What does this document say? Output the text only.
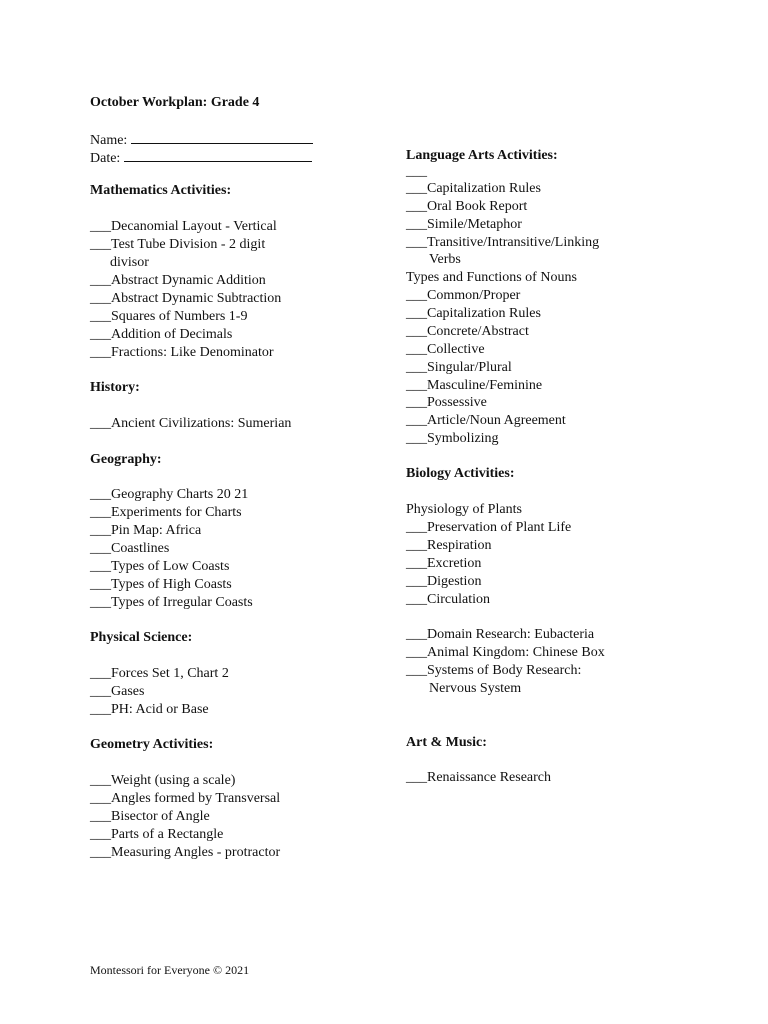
October Workplan: Grade 4
Name:
Date:
Mathematics Activities:
___Decanomial Layout - Vertical
___Test Tube Division - 2 digit
divisor
___Abstract Dynamic Addition
___Abstract Dynamic Subtraction
___Squares of Numbers 1-9
___Addition of Decimals
___Fractions: Like Denominator
History:
___Ancient Civilizations: Sumerian
Geography:
___Geography Charts 20 21
___Experiments for Charts
___Pin Map: Africa
___Coastlines
___Types of Low Coasts
___Types of High Coasts
___Types of Irregular Coasts
Physical Science:
___Forces Set 1, Chart 2
___Gases
___PH: Acid or Base
Geometry Activities:
___Weight (using a scale)
___Angles formed by Transversal
___Bisector of Angle
___Parts of a Rectangle
___Measuring Angles - protractor
Language Arts Activities:
___
___Capitalization Rules
___Oral Book Report
___Simile/Metaphor
___Transitive/Intransitive/Linking
Verbs
Types and Functions of Nouns
___Common/Proper
___Capitalization Rules
___Concrete/Abstract
___Collective
___Singular/Plural
___Masculine/Feminine
___Possessive
___Article/Noun Agreement
___Symbolizing
Biology Activities:
Physiology of Plants
___Preservation of Plant Life
___Respiration
___Excretion
___Digestion
___Circulation
___Domain Research: Eubacteria
___Animal Kingdom: Chinese Box
___Systems of Body Research:
Nervous System
Art & Music:
___Renaissance Research
Montessori for Everyone © 2021
